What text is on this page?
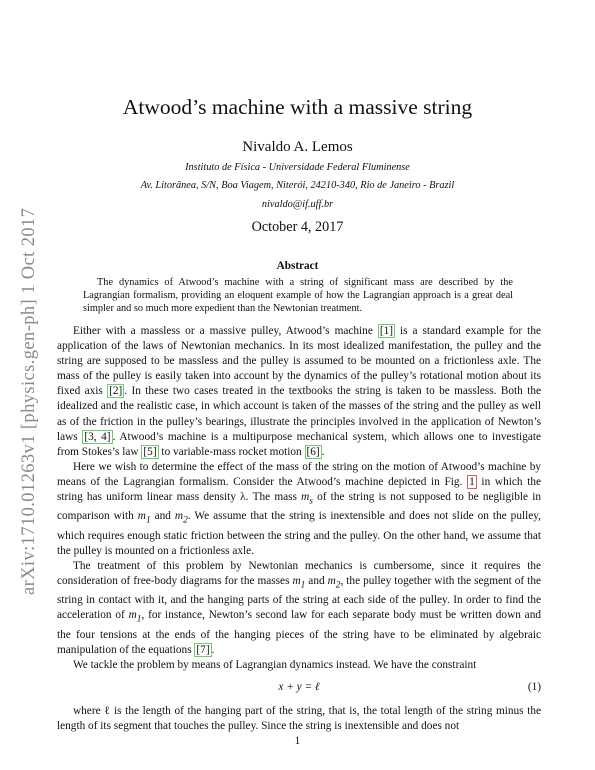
arXiv:1710.01263v1 [physics.gen-ph] 1 Oct 2017
Atwood’s machine with a massive string
Nivaldo A. Lemos
Instituto de Física - Universidade Federal Fluminense
Av. Litorânea, S/N, Boa Viagem, Niterói, 24210-340, Rio de Janeiro - Brazil
nivaldo@if.uff.br
October 4, 2017
Abstract
The dynamics of Atwood’s machine with a string of significant mass are described by the Lagrangian formalism, providing an eloquent example of how the Lagrangian approach is a great deal simpler and so much more expedient than the Newtonian treatment.

Either with a massless or a massive pulley, Atwood’s machine [1] is a standard example for the application of the laws of Newtonian mechanics. In its most idealized manifestation, the pulley and the string are supposed to be massless and the pulley is assumed to be mounted on a frictionless axle. The mass of the pulley is easily taken into account by the dynamics of the pulley’s rotational motion about its fixed axis [2] . In these two cases treated in the textbooks the string is taken to be massless. Both the idealized and the realistic case, in which account is taken of the masses of the string and the pulley as well as of the friction in the pulley’s bearings, illustrate the principles involved in the application of Newton’s laws [3, 4] . Atwood’s machine is a multipurpose mechanical system, which allows one to investigate from Stokes’s law [5] to variable-mass rocket motion [6] .

Here we wish to determine the effect of the mass of the string on the motion of Atwood’s machine by means of the Lagrangian formalism. Consider the Atwood’s machine depicted in Fig. 1 in which the string has uniform linear mass density λ. The mass $m_s$ of the string is not supposed to be negligible in comparison with $m_1$ and $m_2$. We assume that the string is inextensible and does not slide on the pulley, which requires enough static friction between the string and the pulley. On the other hand, we assume that the pulley is mounted on a frictionless axle.

The treatment of this problem by Newtonian mechanics is cumbersome, since it requires the consideration of free-body diagrams for the masses $m_1$ and $m_2$, the pulley together with the segment of the string in contact with it, and the hanging parts of the string at each side of the pulley. In order to find the acceleration of $m_1$, for instance, Newton’s second law for each separate body must be written down and the four tensions at the ends of the hanging pieces of the string have to be eliminated by algebraic manipulation of the equations [7] .

We tackle the problem by means of Lagrangian dynamics instead. We have the constraint

x + y = ℓ	(1)

where ℓ is the length of the hanging part of the string, that is, the total length of the string minus the length of its segment that touches the pulley. Since the string is inextensible and does not

1
